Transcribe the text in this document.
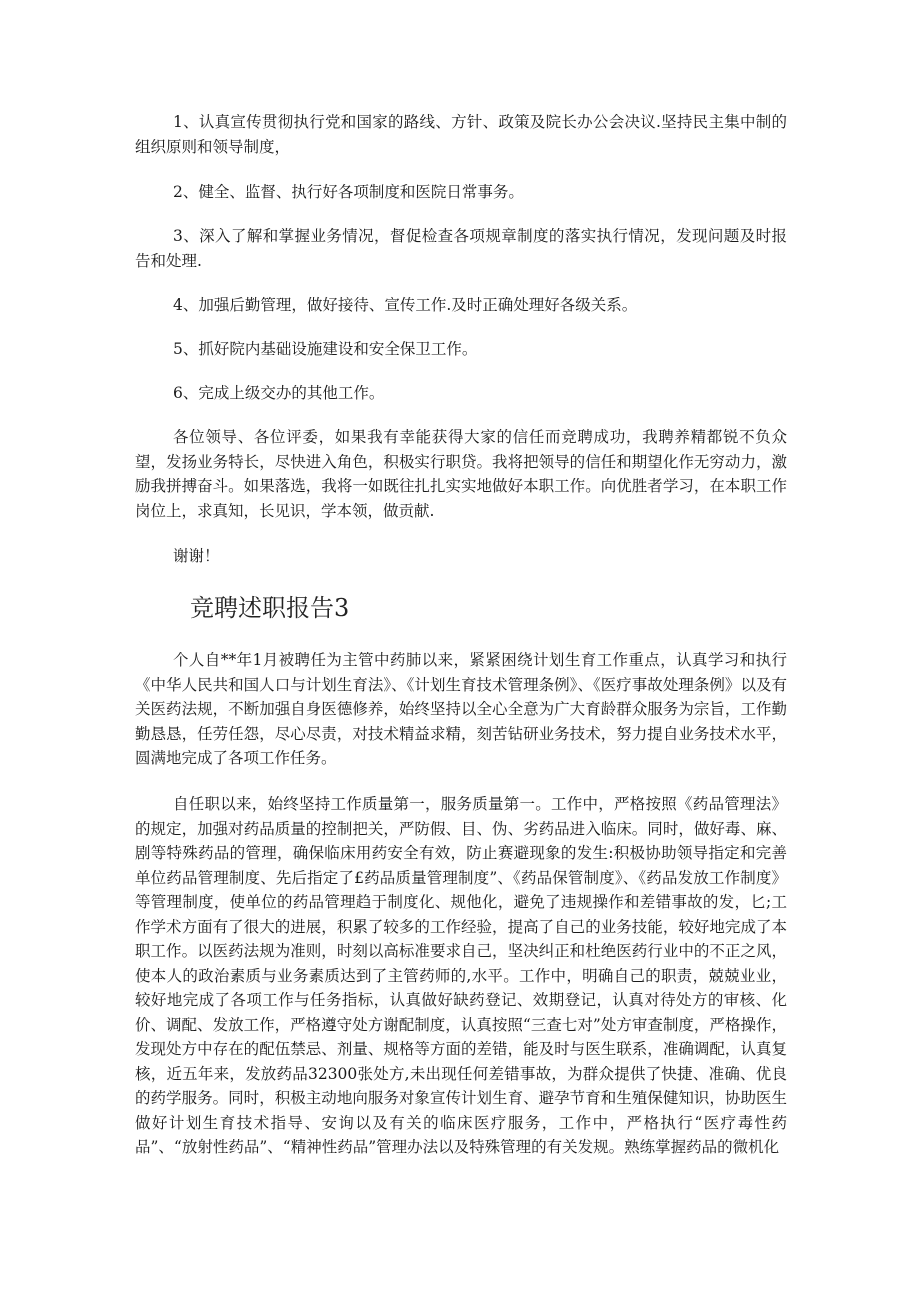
1、认真宣传贯彻执行党和国家的路线、方针、政策及院长办公会决议.坚持民主集中制的组织原则和领导制度，

2、健全、监督、执行好各项制度和医院日常事务。

3、深入了解和掌握业务情况，督促检查各项规章制度的落实执行情况，发现问题及时报告和处理.

4、加强后勤管理，做好接待、宣传工作.及时正确处理好各级关系。

5、抓好院内基础设施建设和安全保卫工作。

6、完成上级交办的其他工作。

各位领导、各位评委，如果我有幸能获得大家的信任而竞聘成功，我聘养精都锐不负众望，发扬业务特长，尽快进入角色，积极实行职贷。我将把领导的信任和期望化作无穷动力，激励我拼搏奋斗。如果落选，我将一如既往扎扎实实地做好本职工作。向优胜者学习，在本职工作岗位上，求真知，长见识，学本领，做贡献.

谢谢！

竞聘述职报告3

个人自**年1月被聘任为主管中药肺以来，紧紧困绕计划生育工作重点，认真学习和执行《中华人民共和国人口与计划生育法》、《计划生育技术管理条例》、《医疗事故处理条例》以及有关医药法规，不断加强自身医德修养，始终坚持以全心全意为广大育龄群众服务为宗旨，工作勤勤恳恳，任劳任怨，尽心尽责，对技术精益求精，刻苦钻研业务技术，努力提自业务技术水平，圆满地完成了各项工作任务。

自任职以来，始终坚持工作质量第一，服务质量第一。工作中，严格按照《药品管理法》的规定，加强对药品质量的控制把关，严防假、目、伪、劣药品进入临床。同时，做好毒、麻、剧等特殊药品的管理，确保临床用药安全有效，防止赛避现象的发生:积极协助领导指定和完善单位药品管理制度、先后指定了£药品质量管理制度”、《药品保管制度》、《药品发放工作制度》等管理制度，使单位的药品管理趋于制度化、规他化，避免了违规操作和差错事故的发，匕;工作学术方面有了很大的进展，积累了较多的工作经验，提高了自己的业务技能，较好地完成了本职工作。以医药法规为准则，时刻以高标准要求自己，坚决纠正和杜绝医药行业中的不正之风，使本人的政治素质与业务素质达到了主管药师的,水平。工作中，明确自己的职责，兢兢业业，较好地完成了各项工作与任务指标，认真做好缺药登记、效期登记，认真对待处方的审核、化价、调配、发放工作，严格遵守处方谢配制度，认真按照“三查七对”处方审查制度，严格操作，发现处方中存在的配伍禁忌、剂量、规格等方面的差错，能及时与医生联系，准确调配，认真复核，近五年来，发放药品32300张处方,未出现任何差错事故，为群众提供了快捷、准确、优良的药学服务。同时，积极主动地向服务对象宣传计划生育、避孕节育和生殖保健知识，协助医生做好计划生育技术指导、安询以及有关的临床医疗服务，工作中，严格执行“医疗毒性药品”、“放射性药品”、“精神性药品”管理办法以及特殊管理的有关发规。熟练掌握药品的微机化
